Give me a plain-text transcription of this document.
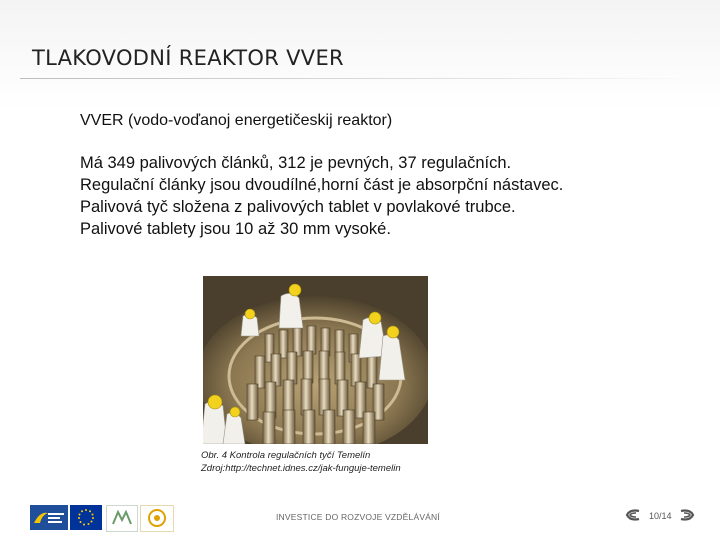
TLAKOVODNÍ REAKTOR VVER
VVER (vodo-voďanoj energetičeskij reaktor)
Má 349 palivových článků, 312 je pevných, 37 regulačních.
Regulační články jsou dvoudílné,horní část je absorpční nástavec.
Palivová tyč složena z palivových tablet v povlakové trubce.
Palivové tablety jsou 10 až 30 mm vysoké.
Obr. 4 Kontrola regulačních tyčí Temelín
Zdroj:http://technet.idnes.cz/jak-funguje-temelin
INVESTICE DO ROZVOJE VZDĚLÁVÁNÍ	10/14
